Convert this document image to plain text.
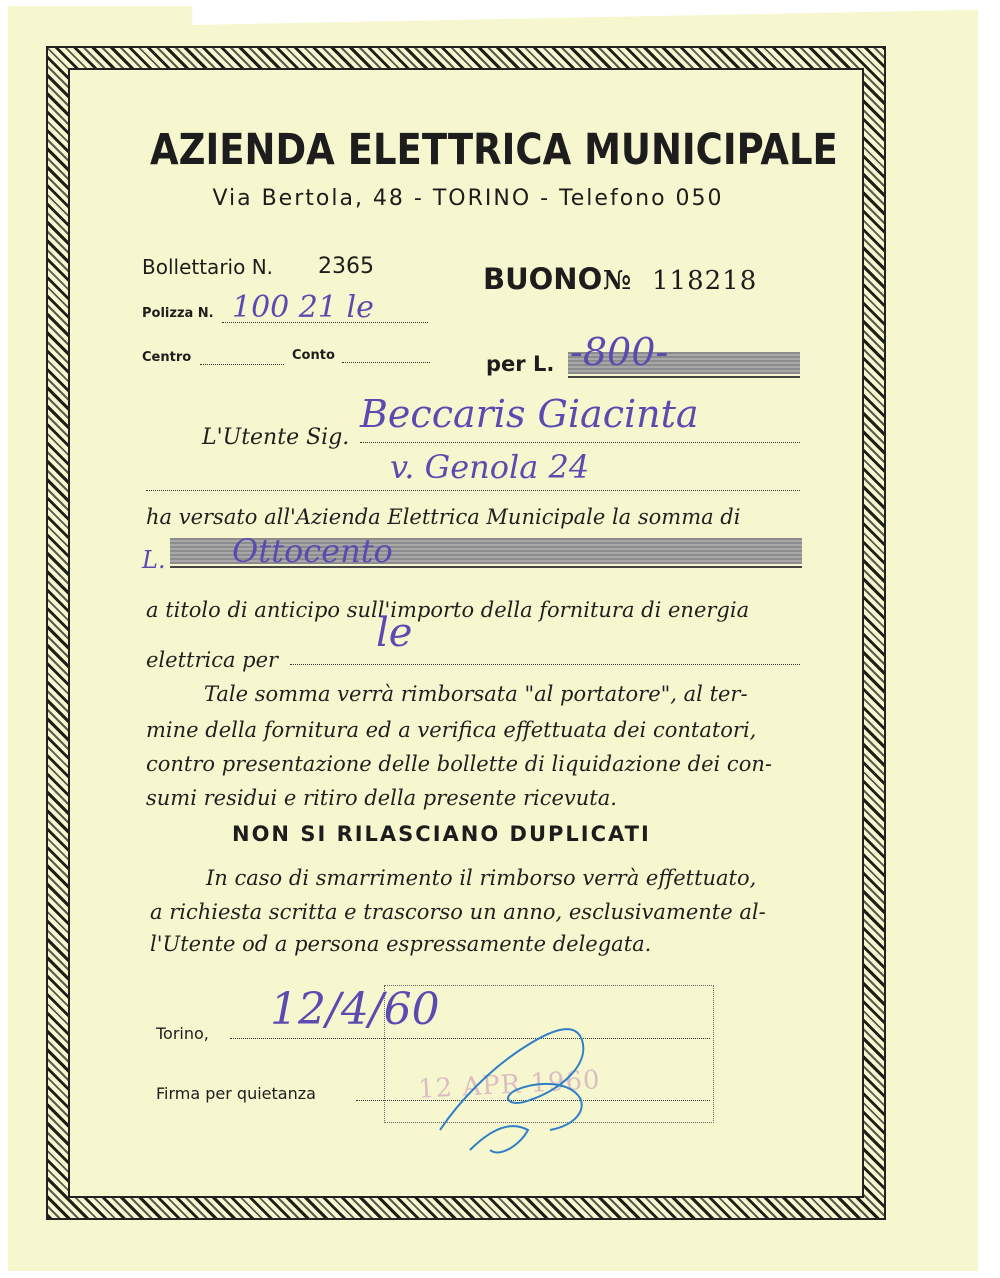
AZIENDA ELETTRICA MUNICIPALE
Via Bertola, 48 - TORINO - Telefono 050
Bollettario N. 2365	BUONO № 118218
Polizza N. 100 21 le
Centro	Conto	per L. -800-
L'Utente Sig.
Beccaris Giacinta
v. Genola 24
ha versato all'Azienda Elettrica Municipale la somma di
L. Ottocento
a titolo di anticipo sull'importo della fornitura di energia
elettrica per
le
Tale somma verrà rimborsata "al portatore", al ter-
mine della fornitura ed a verifica effettuata dei contatori,
contro presentazione delle bollette di liquidazione dei con-
sumi residui e ritiro della presente ricevuta.
NON SI RILASCIANO DUPLICATI
In caso di smarrimento il rimborso verrà effettuato,
a richiesta scritta e trascorso un anno, esclusivamente al-
l'Utente od a persona espressamente delegata.
Torino, 12/4/60
Firma per quietanza	12 APR 1960
